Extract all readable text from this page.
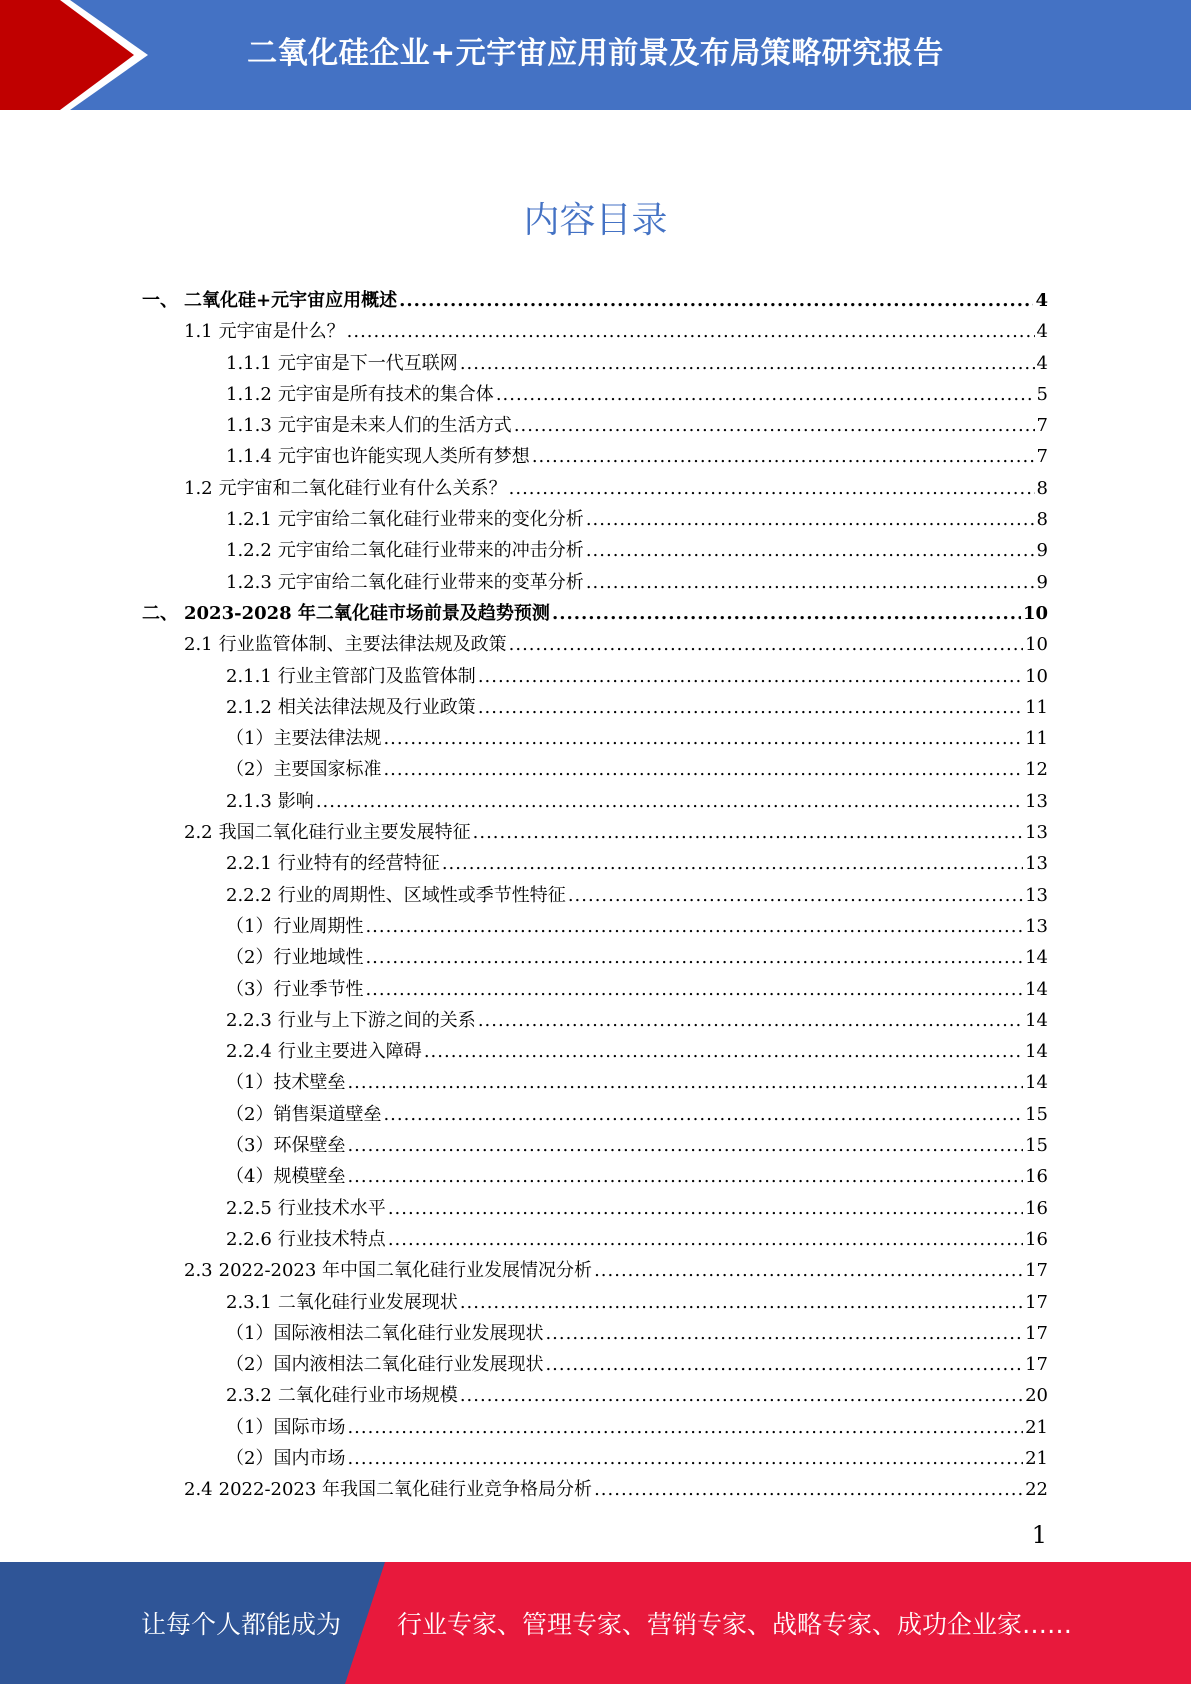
二氧化硅企业+元宇宙应用前景及布局策略研究报告
内容目录
一、 二氧化硅+元宇宙应用概述 .....	4
1.1 元宇宙是什么？ .....	4
1.1.1 元宇宙是下一代互联网 .....	4
1.1.2 元宇宙是所有技术的集合体 .....	5
1.1.3 元宇宙是未来人们的生活方式 .....	7
1.1.4 元宇宙也许能实现人类所有梦想 .....	7
1.2 元宇宙和二氧化硅行业有什么关系？ .....	8
1.2.1 元宇宙给二氧化硅行业带来的变化分析 .....	8
1.2.2 元宇宙给二氧化硅行业带来的冲击分析 .....	9
1.2.3 元宇宙给二氧化硅行业带来的变革分析 .....	9
二、 2023-2028 年二氧化硅市场前景及趋势预测 .....	10
2.1 行业监管体制、主要法律法规及政策 .....	10
2.1.1 行业主管部门及监管体制 .....	10
2.1.2 相关法律法规及行业政策 .....	11
（1）主要法律法规 .....	11
（2）主要国家标准 .....	12
2.1.3 影响 .....	13
2.2 我国二氧化硅行业主要发展特征 .....	13
2.2.1 行业特有的经营特征 .....	13
2.2.2 行业的周期性、区域性或季节性特征 .....	13
（1）行业周期性 .....	13
（2）行业地域性 .....	14
（3）行业季节性 .....	14
2.2.3 行业与上下游之间的关系 .....	14
2.2.4 行业主要进入障碍 .....	14
（1）技术壁垒 .....	14
（2）销售渠道壁垒 .....	15
（3）环保壁垒 .....	15
（4）规模壁垒 .....	16
2.2.5 行业技术水平 .....	16
2.2.6 行业技术特点 .....	16
2.3 2022-2023 年中国二氧化硅行业发展情况分析 .....	17
2.3.1 二氧化硅行业发展现状 .....	17
（1）国际液相法二氧化硅行业发展现状 .....	17
（2）国内液相法二氧化硅行业发展现状 .....	17
2.3.2 二氧化硅行业市场规模 .....	20
（1）国际市场 .....	21
（2）国内市场 .....	21
2.4 2022-2023 年我国二氧化硅行业竞争格局分析 .....	22
1
让每个人都能成为 行业专家、管理专家、营销专家、战略专家、成功企业家……
